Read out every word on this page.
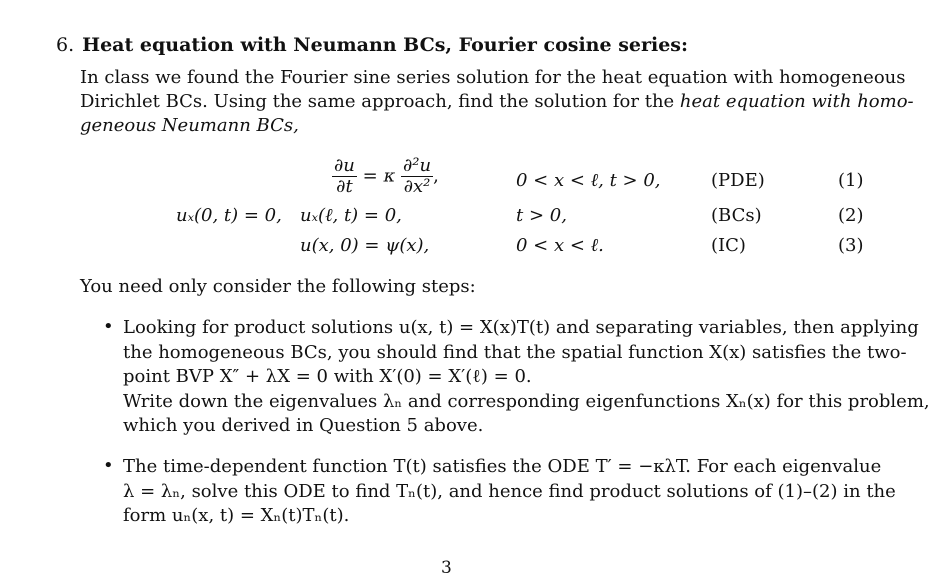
6. Heat equation with Neumann BCs, Fourier cosine series:
In class we found the Fourier sine series solution for the heat equation with homogeneous
Dirichlet BCs. Using the same approach, find the solution for the heat equation with homo-
geneous Neumann BCs,
$\frac{\partial u}{\partial t} = \kappa \frac{\text{∂²u}}{\text{∂x²}}$ ,	0 < x < ℓ, t > 0,	(PDE)	(1)
uₓ(0, t) = 0, uₓ(ℓ, t) = 0,	t > 0,	(BCs)	(2)
u(x, 0) = ψ(x),	0 < x < ℓ.	(IC)	(3)
You need only consider the following steps:
• Looking for product solutions u(x, t) = X(x)T(t) and separating variables, then applying
the homogeneous BCs, you should find that the spatial function X(x) satisfies the two-
point BVP X″ + λX = 0 with X′(0) = X′(ℓ) = 0.
Write down the eigenvalues λₙ and corresponding eigenfunctions Xₙ(x) for this problem,
which you derived in Question 5 above.
• The time-dependent function T(t) satisfies the ODE T′ = −κλT. For each eigenvalue
λ = λₙ, solve this ODE to find Tₙ(t), and hence find product solutions of (1)–(2) in the
form uₙ(x, t) = Xₙ(t)Tₙ(t).
3
